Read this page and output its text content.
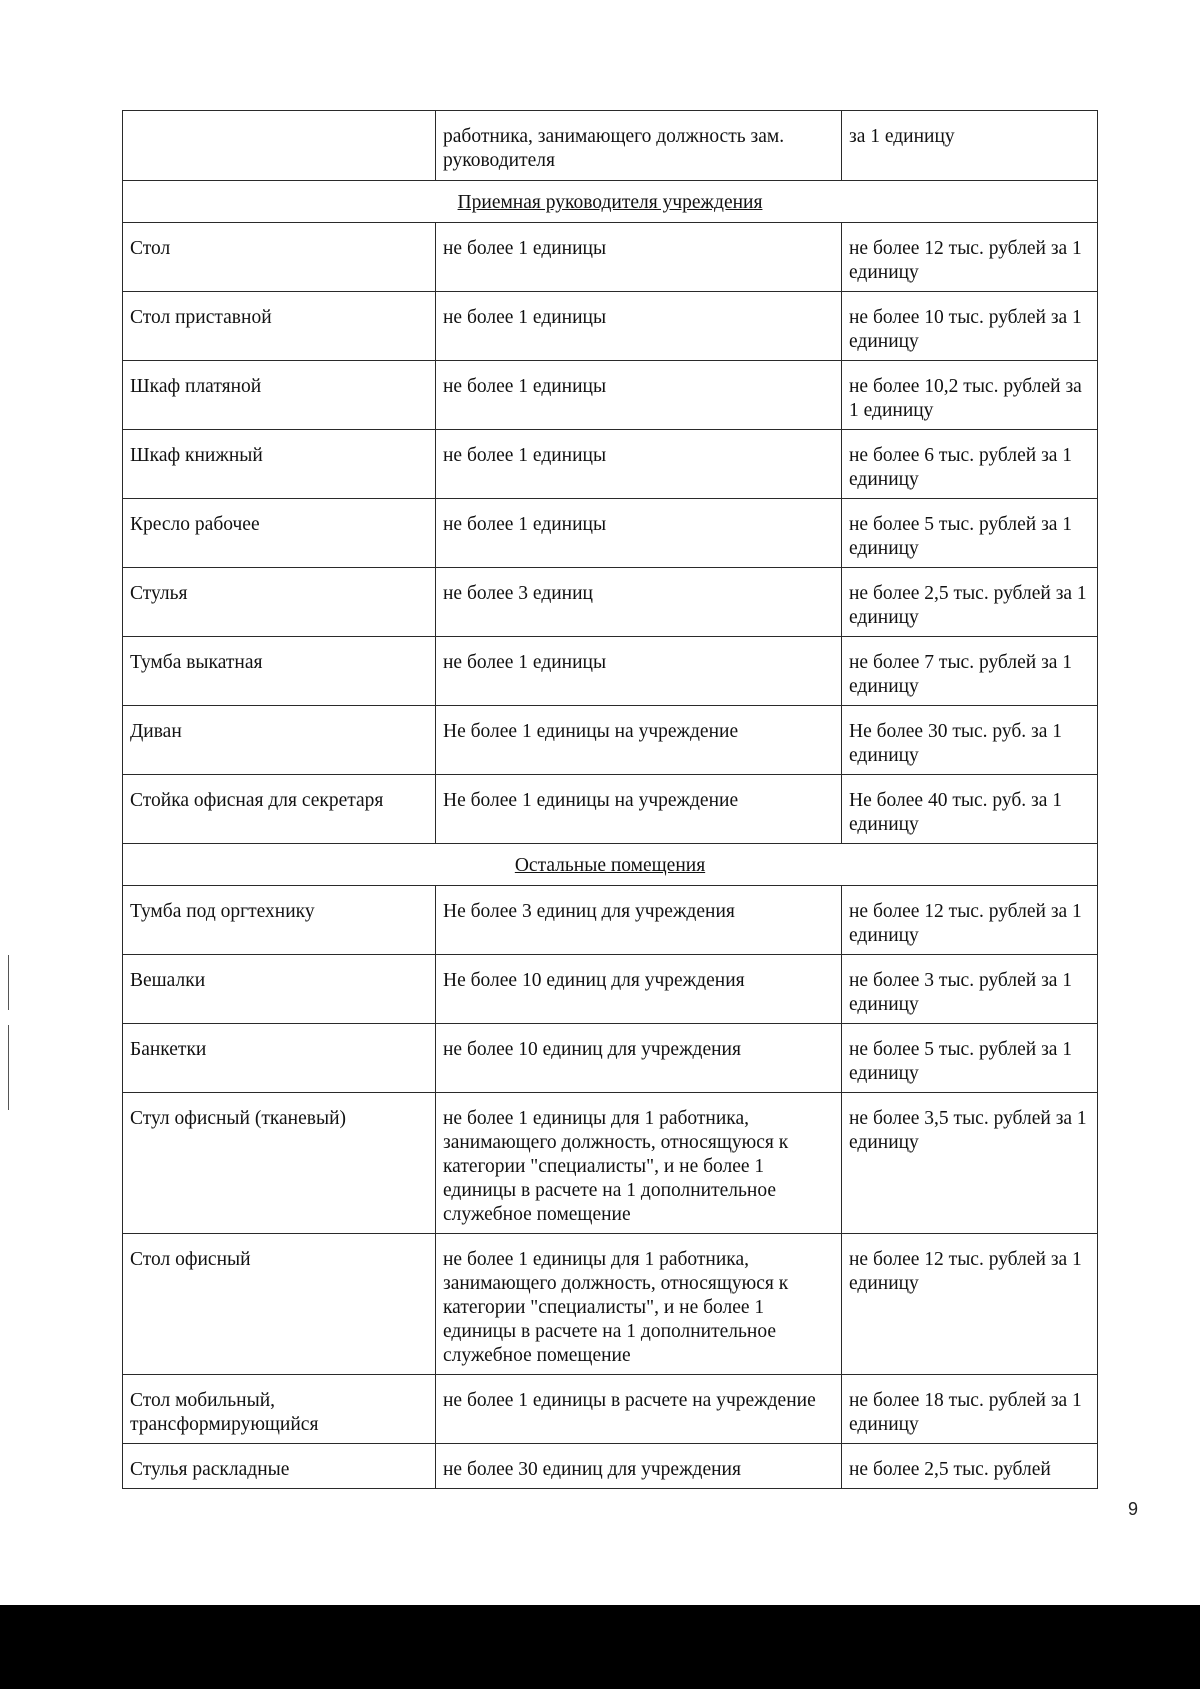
	работника, занимающего должность зам. руководителя	за 1 единицу
Приемная руководителя учреждения		
Стол	не более 1 единицы	не более 12 тыс. рублей за 1 единицу
Стол приставной	не более 1 единицы	не более 10 тыс. рублей за 1 единицу
Шкаф платяной	не более 1 единицы	не более 10,2 тыс. рублей за 1 единицу
Шкаф книжный	не более 1 единицы	не более 6 тыс. рублей за 1 единицу
Кресло рабочее	не более 1 единицы	не более 5 тыс. рублей за 1 единицу
Стулья	не более 3 единиц	не более 2,5 тыс. рублей за 1 единицу
Тумба выкатная	не более 1 единицы	не более 7 тыс. рублей за 1 единицу
Диван	Не более 1 единицы на учреждение	Не более 30 тыс. руб. за 1 единицу
Стойка офисная для секретаря	Не более 1 единицы на учреждение	Не более 40 тыс. руб. за 1 единицу
Остальные помещения		
Тумба под оргтехнику	Не более 3 единиц для учреждения	не более 12 тыс. рублей за 1 единицу
Вешалки	Не более 10 единиц для учреждения	не более 3 тыс. рублей за 1 единицу
Банкетки	не более 10 единиц для учреждения	не более 5 тыс. рублей за 1 единицу
Стул офисный (тканевый)	не более 1 единицы для 1 работника, занимающего должность, относящуюся к категории "специалисты", и не более 1 единицы в расчете на 1 дополнительное служебное помещение	не более 3,5 тыс. рублей за 1 единицу
Стол офисный	не более 1 единицы для 1 работника, занимающего должность, относящуюся к категории "специалисты", и не более 1 единицы в расчете на 1 дополнительное служебное помещение	не более 12 тыс. рублей за 1 единицу
Стол мобильный, трансформирующийся	не более 1 единицы в расчете на учреждение	не более 18 тыс. рублей за 1 единицу
Стулья раскладные	не более 30 единиц для учреждения	не более 2,5 тыс. рублей
9
